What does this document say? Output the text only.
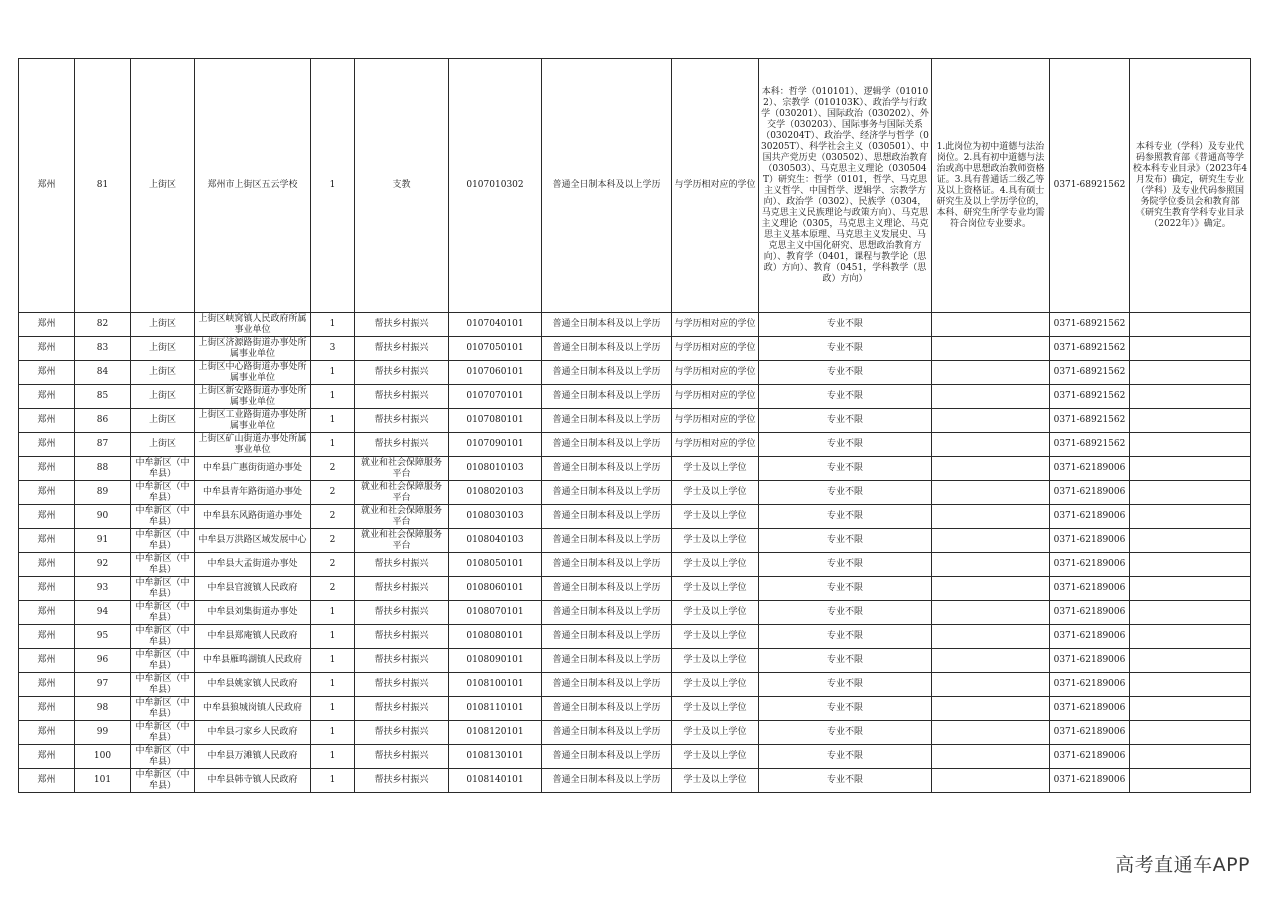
郑州	81	上街区	郑州市上街区五云学校	1	支教	0107010302	普通全日制本科及以上学历	与学历相对应的学位	本科：哲学（010101）、逻辑学（010102）、宗教学（010103K）、政治学与行政学（030201）、国际政治（030202）、外交学（030203）、国际事务与国际关系（030204T）、政治学、经济学与哲学（030205T）、科学社会主义（030501）、中国共产党历史（030502）、思想政治教育（030503）、马克思主义理论（030504T）研究生：哲学（0101，哲学、马克思主义哲学、中国哲学、逻辑学、宗教学方向）、政治学（0302）、民族学（0304，马克思主义民族理论与政策方向）、马克思主义理论（0305，马克思主义理论、马克思主义基本原理、马克思主义发展史、马克思主义中国化研究、思想政治教育方向）、教育学（0401，课程与教学论（思政）方向）、教育（0451，学科教学（思政）方向）	1.此岗位为初中道德与法治岗位。2.具有初中道德与法治或高中思想政治教师资格证。3.具有普通话二级乙等及以上资格证。4.具有硕士研究生及以上学历学位的，本科、研究生所学专业均需符合岗位专业要求。	0371-68921562	本科专业（学科）及专业代码参照教育部《普通高等学校本科专业目录》（2023年4月发布）确定，研究生专业（学科）及专业代码参照国务院学位委员会和教育部《研究生教育学科专业目录（2022年）》确定。
郑州	82	上街区	上街区峡窝镇人民政府所属事业单位	1	帮扶乡村振兴	0107040101	普通全日制本科及以上学历	与学历相对应的学位	专业不限		0371-68921562	
郑州	83	上街区	上街区济源路街道办事处所属事业单位	3	帮扶乡村振兴	0107050101	普通全日制本科及以上学历	与学历相对应的学位	专业不限		0371-68921562	
郑州	84	上街区	上街区中心路街道办事处所属事业单位	1	帮扶乡村振兴	0107060101	普通全日制本科及以上学历	与学历相对应的学位	专业不限		0371-68921562	
郑州	85	上街区	上街区新安路街道办事处所属事业单位	1	帮扶乡村振兴	0107070101	普通全日制本科及以上学历	与学历相对应的学位	专业不限		0371-68921562	
郑州	86	上街区	上街区工业路街道办事处所属事业单位	1	帮扶乡村振兴	0107080101	普通全日制本科及以上学历	与学历相对应的学位	专业不限		0371-68921562	
郑州	87	上街区	上街区矿山街道办事处所属事业单位	1	帮扶乡村振兴	0107090101	普通全日制本科及以上学历	与学历相对应的学位	专业不限		0371-68921562	
郑州	88	中牟新区（中牟县）	中牟县广惠街街道办事处	2	就业和社会保障服务平台	0108010103	普通全日制本科及以上学历	学士及以上学位	专业不限		0371-62189006	
郑州	89	中牟新区（中牟县）	中牟县青年路街道办事处	2	就业和社会保障服务平台	0108020103	普通全日制本科及以上学历	学士及以上学位	专业不限		0371-62189006	
郑州	90	中牟新区（中牟县）	中牟县东风路街道办事处	2	就业和社会保障服务平台	0108030103	普通全日制本科及以上学历	学士及以上学位	专业不限		0371-62189006	
郑州	91	中牟新区（中牟县）	中牟县万洪路区域发展中心	2	就业和社会保障服务平台	0108040103	普通全日制本科及以上学历	学士及以上学位	专业不限		0371-62189006	
郑州	92	中牟新区（中牟县）	中牟县大孟街道办事处	2	帮扶乡村振兴	0108050101	普通全日制本科及以上学历	学士及以上学位	专业不限		0371-62189006	
郑州	93	中牟新区（中牟县）	中牟县官渡镇人民政府	2	帮扶乡村振兴	0108060101	普通全日制本科及以上学历	学士及以上学位	专业不限		0371-62189006	
郑州	94	中牟新区（中牟县）	中牟县刘集街道办事处	1	帮扶乡村振兴	0108070101	普通全日制本科及以上学历	学士及以上学位	专业不限		0371-62189006	
郑州	95	中牟新区（中牟县）	中牟县郑庵镇人民政府	1	帮扶乡村振兴	0108080101	普通全日制本科及以上学历	学士及以上学位	专业不限		0371-62189006	
郑州	96	中牟新区（中牟县）	中牟县雁鸣湖镇人民政府	1	帮扶乡村振兴	0108090101	普通全日制本科及以上学历	学士及以上学位	专业不限		0371-62189006	
郑州	97	中牟新区（中牟县）	中牟县姚家镇人民政府	1	帮扶乡村振兴	0108100101	普通全日制本科及以上学历	学士及以上学位	专业不限		0371-62189006	
郑州	98	中牟新区（中牟县）	中牟县狼城岗镇人民政府	1	帮扶乡村振兴	0108110101	普通全日制本科及以上学历	学士及以上学位	专业不限		0371-62189006	
郑州	99	中牟新区（中牟县）	中牟县刁家乡人民政府	1	帮扶乡村振兴	0108120101	普通全日制本科及以上学历	学士及以上学位	专业不限		0371-62189006	
郑州	100	中牟新区（中牟县）	中牟县万滩镇人民政府	1	帮扶乡村振兴	0108130101	普通全日制本科及以上学历	学士及以上学位	专业不限		0371-62189006	
郑州	101	中牟新区（中牟县）	中牟县韩寺镇人民政府	1	帮扶乡村振兴	0108140101	普通全日制本科及以上学历	学士及以上学位	专业不限		0371-62189006	
高考直通车APP
